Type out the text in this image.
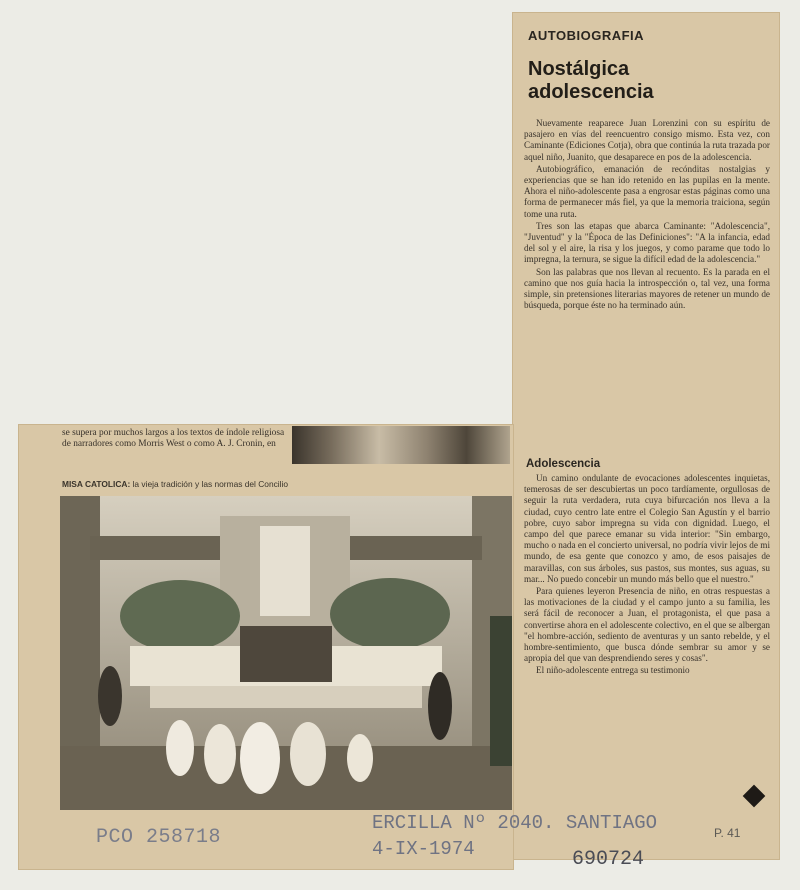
AUTOBIOGRAFIA
Nostálgica
adolescencia

Nuevamente reaparece Juan Lorenzini con su espíritu de pasajero en vías del reencuentro consigo mismo. Esta vez, con Caminante (Ediciones Cotja), obra que continúa la ruta trazada por aquel niño, Juanito, que desaparece en pos de la adolescencia.

Autobiográfico, emanación de recónditas nostalgias y experiencias que se han ido retenido en las pupilas en la mente. Ahora el niño-adolescente pasa a engrosar estas páginas como una forma de permanecer más fiel, ya que la memoria traiciona, según tome una ruta.

Tres son las etapas que abarca Caminante: "Adolescencia", "Juventud" y la "Época de las Definiciones": "A la infancia, edad del sol y el aire, la risa y los juegos, y como parame que todo lo impregna, la ternura, se sigue la difícil edad de la adolescencia."

Son las palabras que nos llevan al recuento. Es la parada en el camino que nos guía hacia la introspección o, tal vez, una forma simple, sin pretensiones literarias mayores de retener un mundo de búsqueda, porque éste no ha terminado aún.

Adolescencia

Un camino ondulante de evocaciones adolescentes inquietas, temerosas de ser descubiertas un poco tardíamente, orgullosas de seguir la ruta verdadera, ruta cuya bifurcación nos lleva a la ciudad, cuyo centro late entre el Colegio San Agustín y el barrio pobre, cuyo sabor impregna su vida con dignidad. Luego, el campo del que parece emanar su vida interior: "Sin embargo, mucho o nada en el concierto universal, no podría vivir lejos de mi mundo, de esa gente que conozco y amo, de esos paisajes de maravillas, con sus árboles, sus pastos, sus montes, sus aguas, su mar... No puedo concebir un mundo más bello que el nuestro."

Para quienes leyeron Presencia de niño, en otras respuestas a las motivaciones de la ciudad y el campo junto a su familia, les será fácil de reconocer a Juan, el protagonista, el que pasa a convertirse ahora en el adolescente colectivo, en el que se albergan "el hombre-acción, sediento de aventuras y un santo rebelde, y el hombre-sentimiento, que busca dónde sembrar su amor y se apropia del que van desprendiendo seres y cosas".

El niño-adolescente entrega su testimonio

se supera por muchos largos a los textos de índole religiosa de narradores como Morris West o como A. J. Cronin, en

MISA CATOLICA: la vieja tradición y las normas del Concilio
PCO 258718
ERCILLA Nº 2040. SANTIAGO
4-IX-1974
P. 41
690724
